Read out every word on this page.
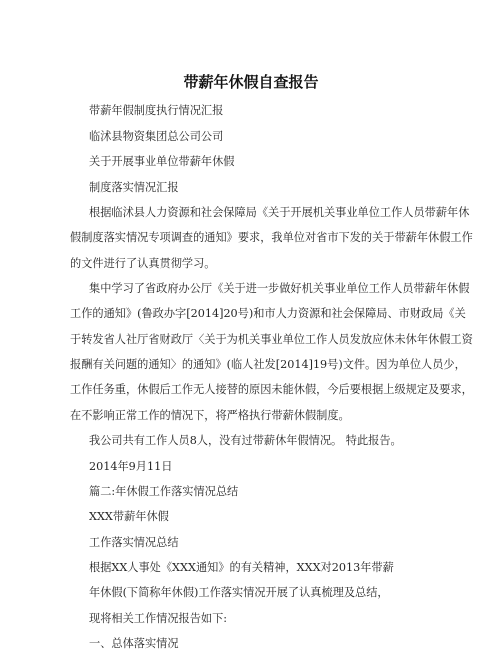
带薪年休假自查报告
带薪年假制度执行情况汇报
临沭县物资集团总公司公司
关于开展事业单位带薪年休假
制度落实情况汇报
根据临沭县人力资源和社会保障局《关于开展机关事业单位工作人员带薪年休
假制度落实情况专项调查的通知》要求，我单位对省市下发的关于带薪年休假工作
的文件进行了认真贯彻学习。
集中学习了省政府办公厅《关于进一步做好机关事业单位工作人员带薪年休假
工作的通知》(鲁政办字[2014]20号)和市人力资源和社会保障局、市财政局《关
于转发省人社厅省财政厅〈关于为机关事业单位工作人员发放应休未休年休假工资
报酬有关问题的通知〉的通知》(临人社发[2014]19号)文件。因为单位人员少，
工作任务重，休假后工作无人接替的原因未能休假，今后要根据上级规定及要求，
在不影响正常工作的情况下，将严格执行带薪休假制度。
我公司共有工作人员8人，没有过带薪休年假情况。 特此报告。
2014年9月11日
篇二:年休假工作落实情况总结
XXX带薪年休假
工作落实情况总结
根据XX人事处《XXX通知》的有关精神，XXX对2013年带薪
年休假(下简称年休假)工作落实情况开展了认真梳理及总结，
现将相关工作情况报告如下:
一、总体落实情况
